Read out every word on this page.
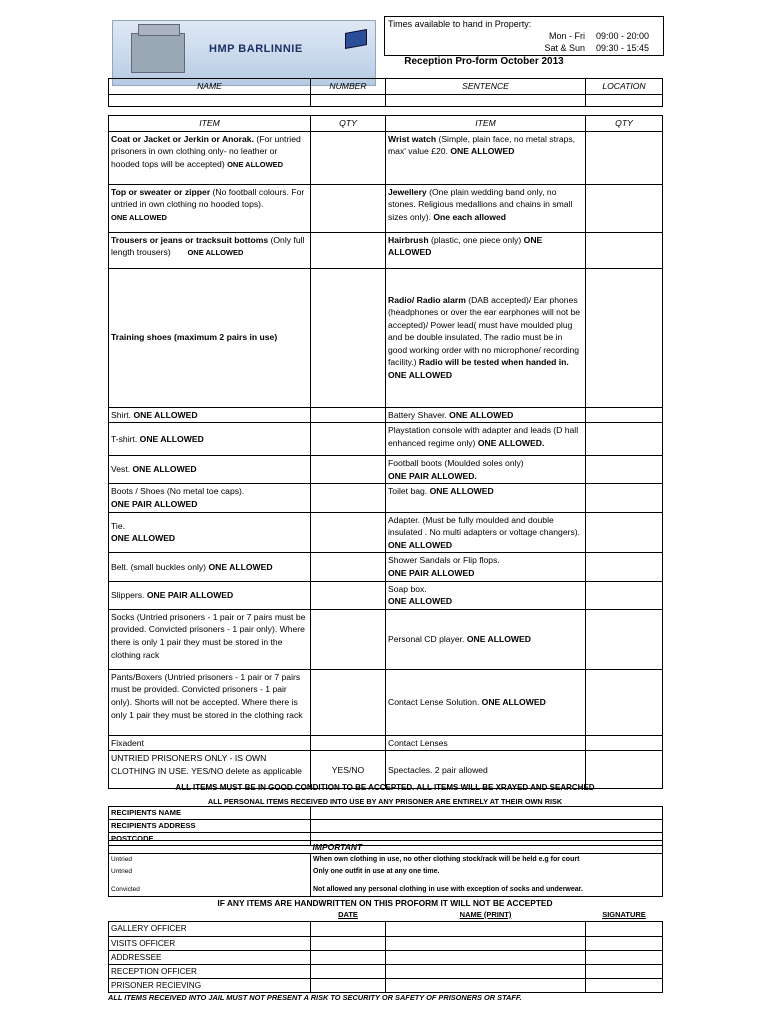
HMP BARLINNIE
Times available to hand in Property:
Mon - Fri 09:00 - 20:00
Sat & Sun 09:30 - 15:45
Reception Pro-form October 2013
NAME	NUMBER	SENTENCE	LOCATION

ITEM	QTY	ITEM	QTY
Coat or Jacket or Jerkin or Anorak. (For untried prisoners in own clothing only- no leather or hooded tops will be accepted) ONE ALLOWED		Wrist watch (Simple, plain face, no metal straps, max' value £20. ONE ALLOWED	
Top or sweater or zipper (No football colours. For untried in own clothing no hooded tops).
ONE ALLOWED		Jewellery (One plain wedding band only, no stones. Religious medallions and chains in small sizes only). One each allowed	
Trousers or jeans or tracksuit bottoms (Only full length trousers) ONE ALLOWED		Hairbrush (plastic, one piece only) ONE ALLOWED	
Training shoes (maximum 2 pairs in use)		Radio/ Radio alarm (DAB accepted)/ Ear phones (headphones or over the ear earphones will not be accepted)/ Power lead( must have moulded plug and be double insulated. The radio must be in good working order with no microphone/ recording facility.) Radio will be tested when handed in. ONE ALLOWED	
Shirt. ONE ALLOWED		Battery Shaver. ONE ALLOWED	
T-shirt. ONE ALLOWED		Playstation console with adapter and leads (D hall enhanced regime only) ONE ALLOWED.	
Vest. ONE ALLOWED		Football boots (Moulded soles only)
ONE PAIR ALLOWED.	
Boots / Shoes (No metal toe caps).
ONE PAIR ALLOWED		Toilet bag. ONE ALLOWED	
Tie.
ONE ALLOWED		Adapter. (Must be fully moulded and double insulated . No multi adapters or voltage changers). ONE ALLOWED	
Belt. (small buckles only) ONE ALLOWED		Shower Sandals or Flip flops.
ONE PAIR ALLOWED	
Slippers. ONE PAIR ALLOWED		Soap box.
ONE ALLOWED	
Socks (Untried prisoners - 1 pair or 7 pairs must be provided. Convicted prisoners - 1 pair only). Where there is only 1 pair they must be stored in the clothing rack		Personal CD player. ONE ALLOWED	
Pants/Boxers (Untried prisoners - 1 pair or 7 pairs must be provided. Convicted prisoners - 1 pair only). Shorts will not be accepted. Where there is only 1 pair they must be stored in the clothing rack		Contact Lense Solution. ONE ALLOWED	
Fixadent		Contact Lenses	
UNTRIED PRISONERS ONLY - IS OWN CLOTHING IN USE. YES/NO delete as applicable	YES/NO	Spectacles. 2 pair allowed	
ALL ITEMS MUST BE IN GOOD CONDITION TO BE ACCEPTED. ALL ITEMS WILL BE XRAYED AND SEARCHED
ALL PERSONAL ITEMS RECEIVED INTO USE BY ANY PRISONER ARE ENTIRELY AT THEIR OWN RISK
RECIPIENTS NAME	
RECIPIENTS ADDRESS	
POSTCODE	
	IMPORTANT
Untried	When own clothing in use, no other clothing stock/rack will be held e.g for court
Untried	Only one outfit in use at any one time.
Convicted	Not allowed any personal clothing in use with exception of socks and underwear.
IF ANY ITEMS ARE HANDWRITTEN ON THIS PROFORM IT WILL NOT BE ACCEPTED
	DATE	NAME (PRINT)	SIGNATURE
GALLERY OFFICER			
VISITS OFFICER			
ADDRESSEE			
RECEPTION OFFICER			
PRISONER RECIEVING			
ALL ITEMS RECEIVED INTO JAIL MUST NOT PRESENT A RISK TO SECURITY OR SAFETY OF PRISONERS OR STAFF.
